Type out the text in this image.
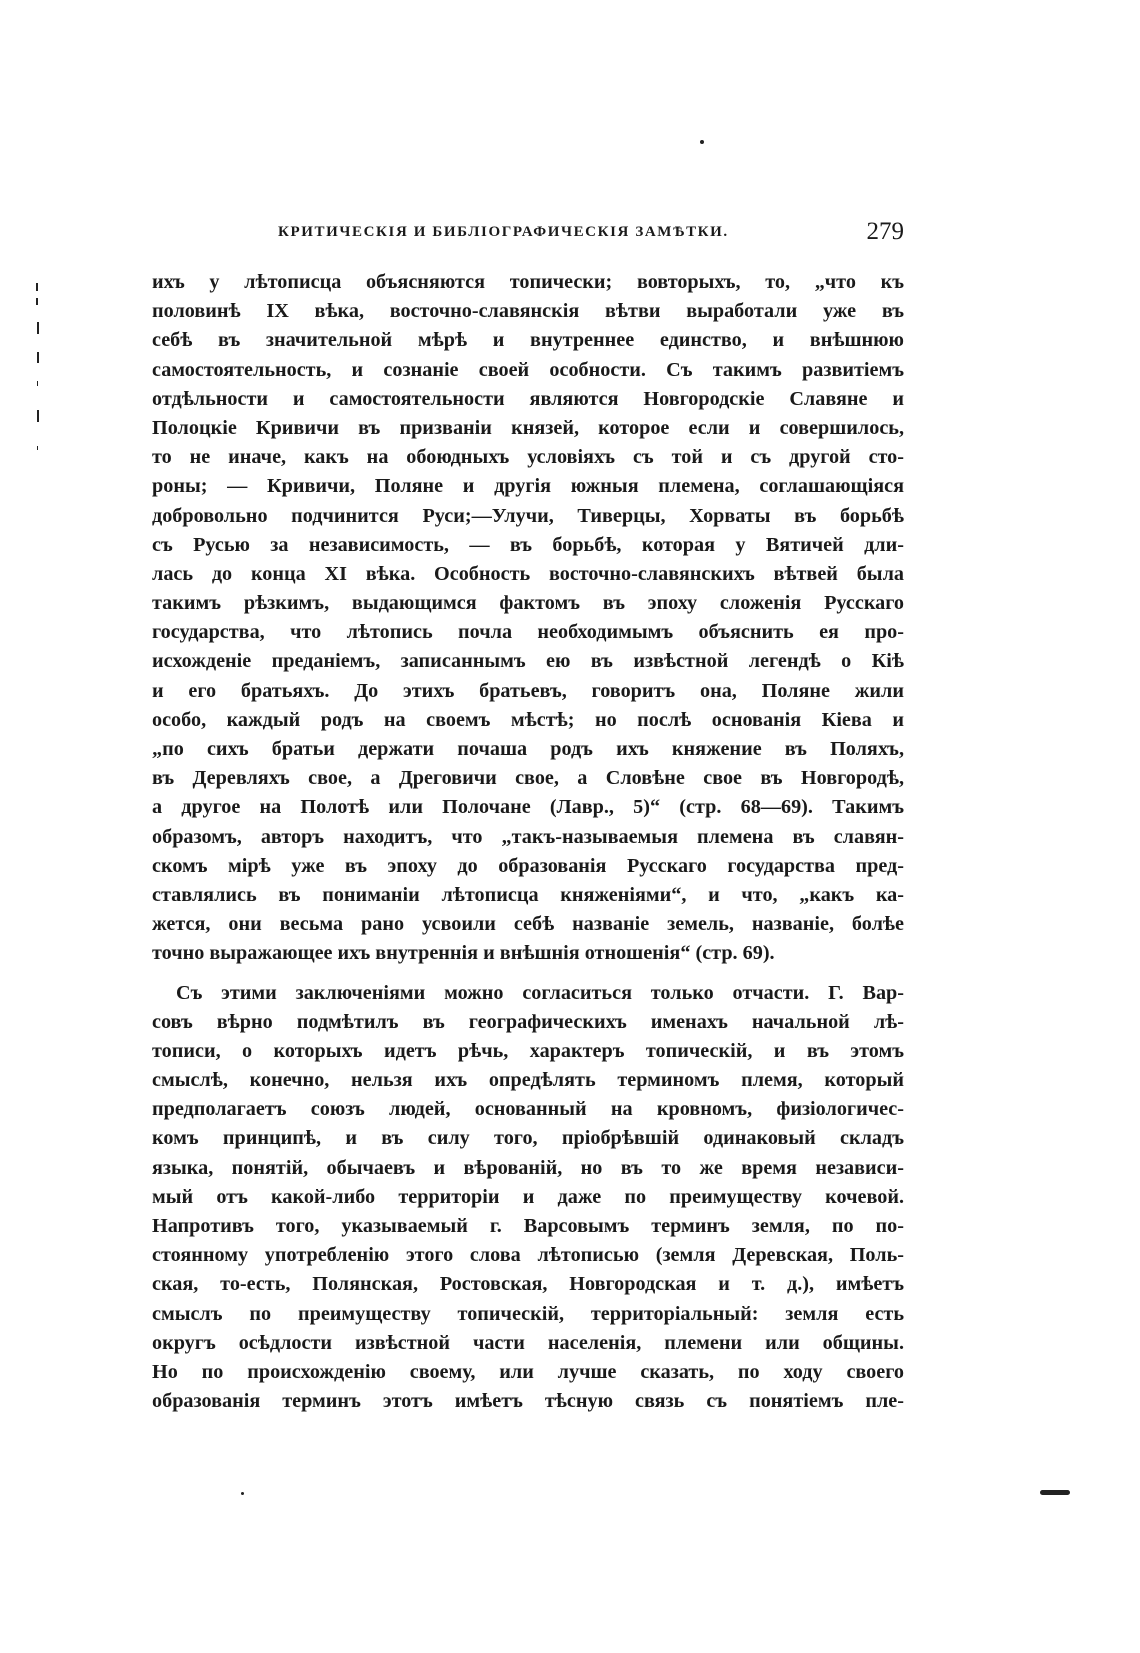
КРИТИЧЕСКІЯ И БИБЛІОГРАФИЧЕСКІЯ ЗАМѢТКИ.	279
ихъ у лѣтописца объясняются топически; вовторыхъ, то, „что къ
половинѣ IX вѣка, восточно-славянскія вѣтви выработали уже въ
себѣ въ значительной мѣрѣ и внутреннее единство, и внѣшнюю
самостоятельность, и сознаніе своей особности. Съ такимъ развитіемъ
отдѣльности и самостоятельности являются Новгородскіе Славяне и
Полоцкіе Кривичи въ призваніи князей, которое если и совершилось,
то не иначе, какъ на обоюдныхъ условіяхъ съ той и съ другой сто-
роны; — Кривичи, Поляне и другія южныя племена, соглашающіяся
добровольно подчинится Руси;—Улучи, Тиверцы, Хорваты въ борьбѣ
съ Русью за независимость, — въ борьбѣ, которая у Вятичей дли-
лась до конца XI вѣка. Особность восточно-славянскихъ вѣтвей была
такимъ рѣзкимъ, выдающимся фактомъ въ эпоху сложенія Русскаго
государства, что лѣтопись почла необходимымъ объяснить ея про-
исхожденіе преданіемъ, записаннымъ ею въ извѣстной легендѣ о Кіѣ
и его братьяхъ. До этихъ братьевъ, говоритъ она, Поляне жили
особо, каждый родъ на своемъ мѣстѣ; но послѣ основанія Кіева и
„по сихъ братьи держати почаша родъ ихъ княжение въ Поляхъ,
въ Деревляхъ свое, а Дреговичи свое, а Словѣне свое въ Новгородѣ,
а другое на Полотѣ или Полочане (Лавр., 5)“ (стр. 68—69). Такимъ
образомъ, авторъ находитъ, что „такъ-называемыя племена въ славян-
скомъ мірѣ уже въ эпоху до образованія Русскаго государства пред-
ставлялись въ пониманіи лѣтописца княженіями“, и что, „какъ ка-
жется, они весьма рано усвоили себѣ названіе земель, названіе, болѣе
точно выражающее ихъ внутреннія и внѣшнія отношенія“ (стр. 69).
Съ этими заключеніями можно согласиться только отчасти. Г. Вар-
совъ вѣрно подмѣтилъ въ географическихъ именахъ начальной лѣ-
тописи, о которыхъ идетъ рѣчь, характеръ топическій, и въ этомъ
смыслѣ, конечно, нельзя ихъ опредѣлять терминомъ племя, который
предполагаетъ союзъ людей, основанный на кровномъ, физіологичес-
комъ принципѣ, и въ силу того, пріобрѣвшій одинаковый складъ
языка, понятій, обычаевъ и вѣрованій, но въ то же время независи-
мый отъ какой-либо территоріи и даже по преимуществу кочевой.
Напротивъ того, указываемый г. Варсовымъ терминъ земля, по по-
стоянному употребленію этого слова лѣтописью (земля Деревская, Поль-
ская, то-есть, Полянская, Ростовская, Новгородская и т. д.), имѣетъ
смыслъ по преимуществу топическій, территоріальный: земля есть
округъ осѣдлости извѣстной части населенія, племени или общины.
Но по происхожденію своему, или лучше сказать, по ходу своего
образованія терминъ этотъ имѣетъ тѣсную связь съ понятіемъ пле-
